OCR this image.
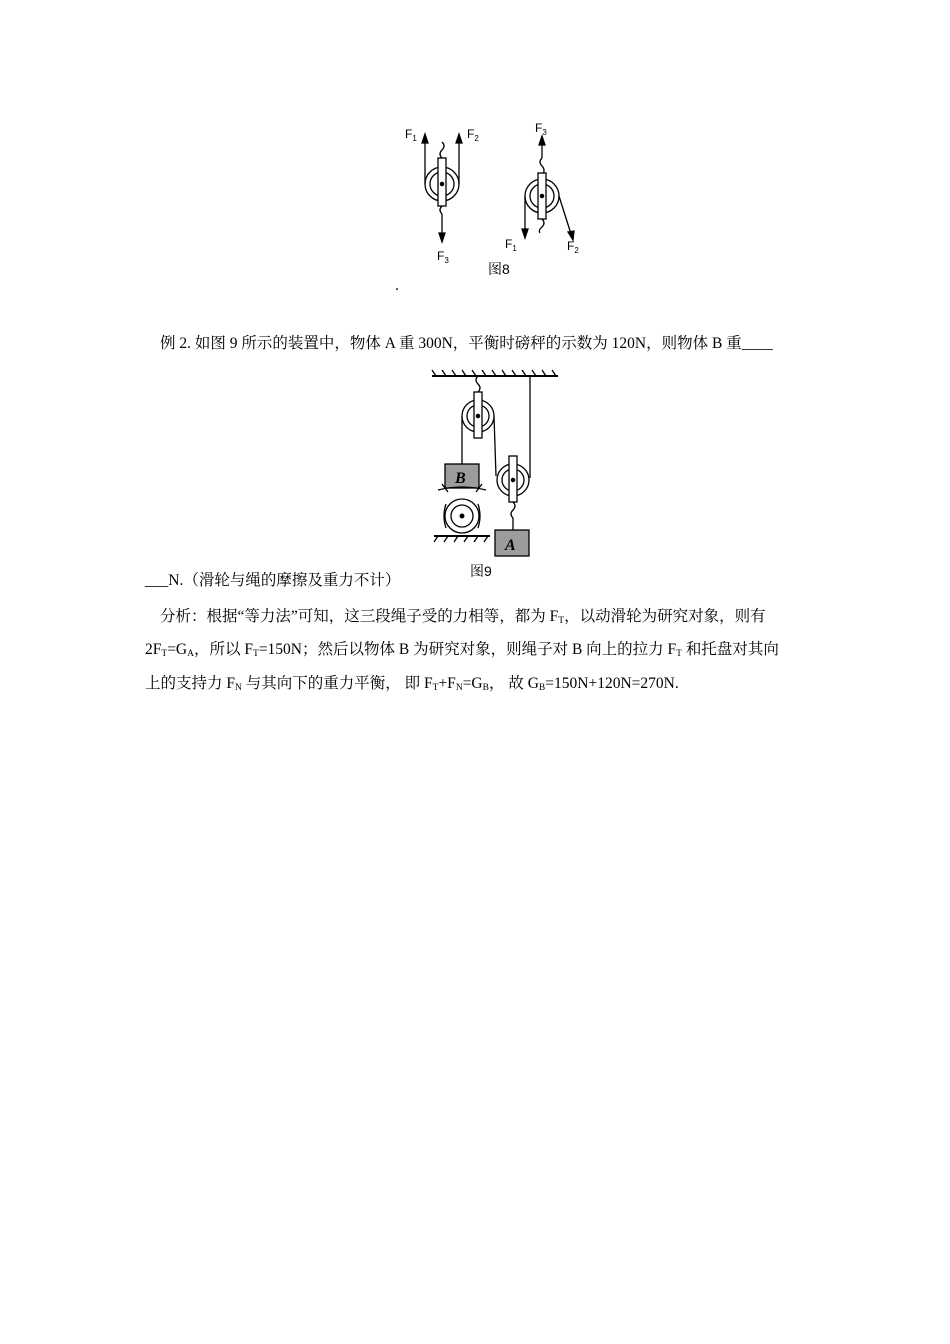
$F_1$	$F_2$
$F_3$
$F_3$
$F_1$	$F_2$
图8
.
例 2. 如图 9 所示的装置中，物体 A 重 300N，平衡时磅秤的示数为 120N，则物体 B 重____
B
A
图9
___N.（滑轮与绳的摩擦及重力不计）
分析：根据“等力法”可知，这三段绳子受的力相等，都为 $F_T$，以动滑轮为研究对象，则有
$2F_T=G_A$，所以 $F_T=150N$；然后以物体 B 为研究对象，则绳子对 B 向上的拉力 $F_T$ 和托盘对其向
上的支持力 $F_N$ 与其向下的重力平衡， 即 $F_T+F_N=G_B$， 故 $G_B=150N+120N=270N$.
